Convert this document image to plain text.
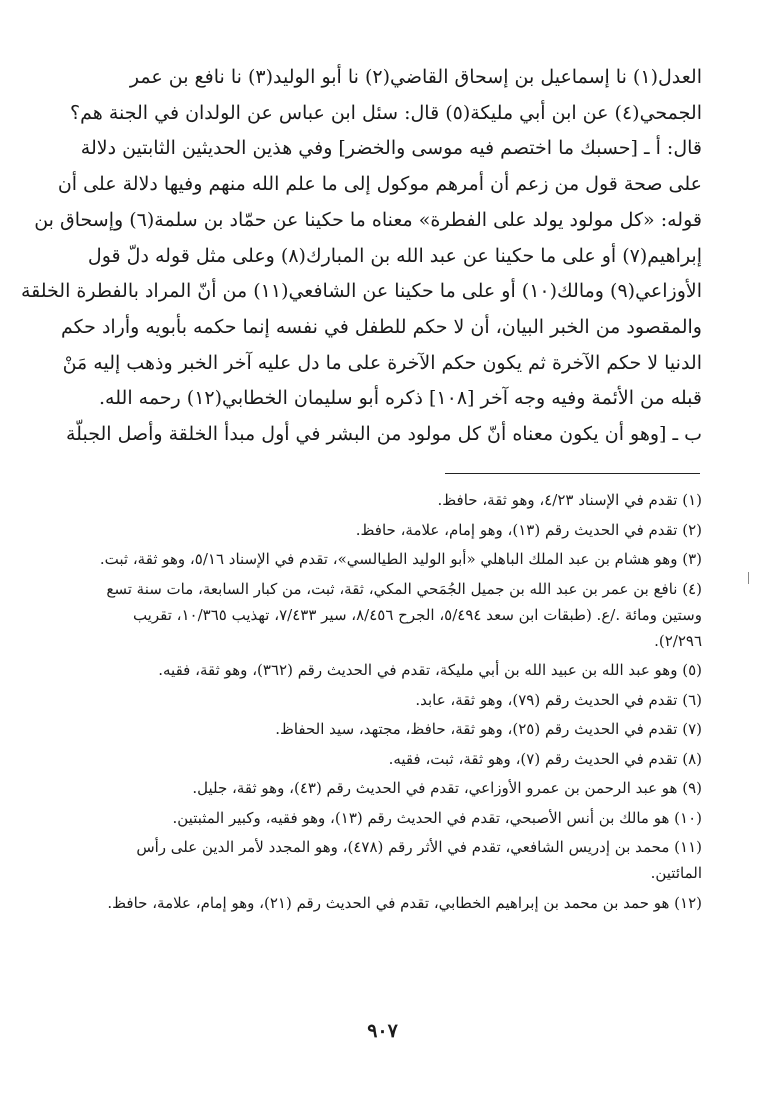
العدل(١) نا إسماعيل بن إسحاق القاضي(٢) نا أبو الوليد(٣) نا نافع بن عمر
الجمحي(٤) عن ابن أبي مليكة(٥) قال: سئل ابن عباس عن الولدان في الجنة هم؟
قال: أ ـ [حسبك ما اختصم فيه موسى والخضر] وفي هذين الحديثين الثابتين دلالة
على صحة قول من زعم أن أمرهم موكول إلى ما علم الله منهم وفيها دلالة على أن
قوله: «كل مولود يولد على الفطرة» معناه ما حكينا عن حمّاد بن سلمة(٦) وإسحاق بن
إبراهيم(٧) أو على ما حكينا عن عبد الله بن المبارك(٨) وعلى مثل قوله دلّ قول
الأوزاعي(٩) ومالك(١٠) أو على ما حكينا عن الشافعي(١١) من أنّ المراد بالفطرة الخلقة
والمقصود من الخبر البيان، أن لا حكم للطفل في نفسه إنما حكمه بأبويه وأراد حكم
الدنيا لا حكم الآخرة ثم يكون حكم الآخرة على ما دل عليه آخر الخبر وذهب إليه مَنْ
قبله من الأئمة وفيه وجه آخر [١٠٨] ذكره أبو سليمان الخطابي(١٢) رحمه الله.
ب ـ [وهو أن يكون معناه أنّ كل مولود من البشر في أول مبدأ الخلقة وأصل الجبلّة
(١) تقدم في الإسناد ٤/٢٣، وهو ثقة، حافظ.
(٢) تقدم في الحديث رقم (١٣)، وهو إمام، علامة، حافظ.
(٣) وهو هشام بن عبد الملك الباهلي «أبو الوليد الطيالسي»، تقدم في الإسناد ٥/١٦، وهو ثقة، ثبت.
(٤) نافع بن عمر بن عبد الله بن جميل الجُمَحي المكي، ثقة، ثبت، من كبار السابعة، مات سنة تسع وستين ومائة ./ع. (طبقات ابن سعد ٥/٤٩٤، الجرح ٨/٤٥٦، سير ٧/٤٣٣، تهذيب ١٠/٣٦٥، تقريب ٢/٢٩٦).
(٥) وهو عبد الله بن عبيد الله بن أبي مليكة، تقدم في الحديث رقم (٣٦٢)، وهو ثقة، فقيه.
(٦) تقدم في الحديث رقم (٧٩)، وهو ثقة، عابد.
(٧) تقدم في الحديث رقم (٢٥)، وهو ثقة، حافظ، مجتهد، سيد الحفاظ.
(٨) تقدم في الحديث رقم (٧)، وهو ثقة، ثبت، فقيه.
(٩) هو عبد الرحمن بن عمرو الأوزاعي، تقدم في الحديث رقم (٤٣)، وهو ثقة، جليل.
(١٠) هو مالك بن أنس الأصبحي، تقدم في الحديث رقم (١٣)، وهو فقيه، وكبير المثبتين.
(١١) محمد بن إدريس الشافعي، تقدم في الأثر رقم (٤٧٨)، وهو المجدد لأمر الدين على رأس المائتين.
(١٢) هو حمد بن محمد بن إبراهيم الخطابي، تقدم في الحديث رقم (٢١)، وهو إمام، علامة، حافظ.
٩٠٧
